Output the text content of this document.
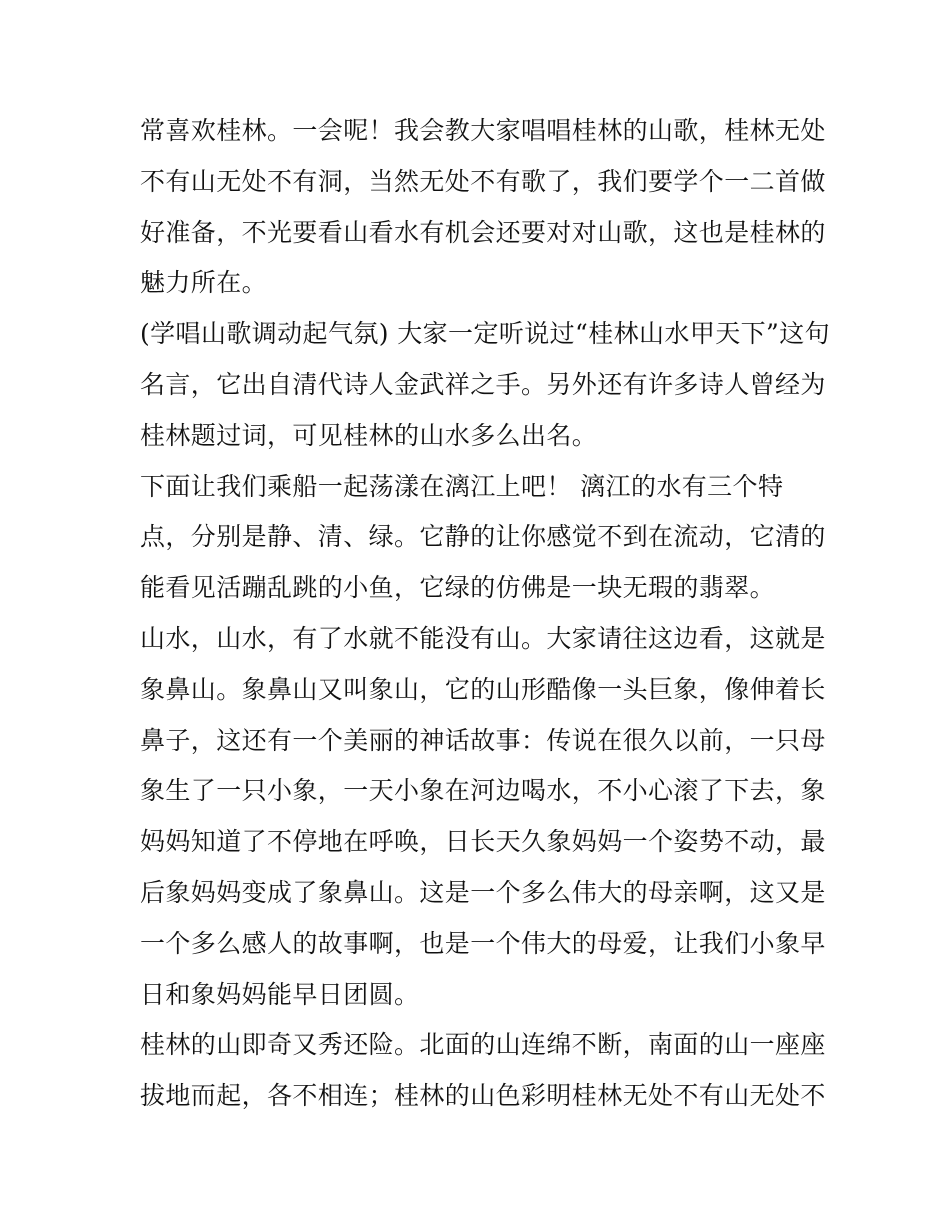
常喜欢桂林。一会呢！我会教大家唱唱桂林的山歌，桂林无处
不有山无处不有洞，当然无处不有歌了，我们要学个一二首做
好准备，不光要看山看水有机会还要对对山歌，这也是桂林的
魅力所在。
(学唱山歌调动起气氛) 大家一定听说过“桂林山水甲天下”这句
名言，它出自清代诗人金武祥之手。另外还有许多诗人曾经为
桂林题过词，可见桂林的山水多么出名。
下面让我们乘船一起荡漾在漓江上吧！ 漓江的水有三个特
点，分别是静、清、绿。它静的让你感觉不到在流动，它清的
能看见活蹦乱跳的小鱼，它绿的仿佛是一块无瑕的翡翠。
山水，山水，有了水就不能没有山。大家请往这边看，这就是
象鼻山。象鼻山又叫象山，它的山形酷像一头巨象，像伸着长
鼻子，这还有一个美丽的神话故事：传说在很久以前，一只母
象生了一只小象，一天小象在河边喝水，不小心滚了下去，象
妈妈知道了不停地在呼唤，日长天久象妈妈一个姿势不动，最
后象妈妈变成了象鼻山。这是一个多么伟大的母亲啊，这又是
一个多么感人的故事啊，也是一个伟大的母爱，让我们小象早
日和象妈妈能早日团圆。
桂林的山即奇又秀还险。北面的山连绵不断，南面的山一座座
拔地而起，各不相连；桂林的山色彩明桂林无处不有山无处不
